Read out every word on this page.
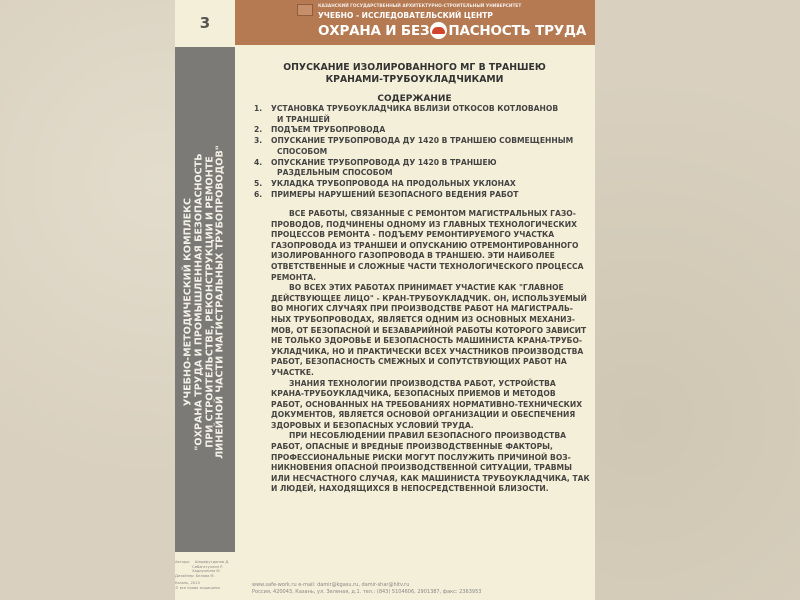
3
КАЗАНСКИЙ ГОСУДАРСТВЕННЫЙ АРХИТЕКТУРНО-СТРОИТЕЛЬНЫЙ УНИВЕРСИТЕТ
УЧЕБНО - ИССЛЕДОВАТЕЛЬСКИЙ ЦЕНТР
ОХРАНА И БЕЗ ПАСНОСТЬ ТРУДА
УЧЕБНО-МЕТОДИЧЕСКИЙ КОМПЛЕКС "ОХРАНА ТРУДА И ПРОМЫШЛЕННАЯ БЕЗОПАСНОСТЬ ПРИ СТРОИТЕЛЬСТВЕ, РЕКОНСТРУКЦИИ И РЕМОНТЕ ЛИНЕЙНОЙ ЧАСТИ МАГИСТРАЛЬНЫХ ТРУБОПРОВОДОВ"
Авторы:    Шарафутдинов Д.
Сибагатуллин Р.
Хадиуллина М.
Дизайнер: Белова М.
Казань, 2013
© все права защищены	www.safe-work.ru e-mail: damir@kgasu.ru, damir-shar@hitv.ru
Россия, 420043, Казань, ул. Зеленая, д.1. тел.: (843) 5104606, 2901387, факс: 2363953
ОПУСКАНИЕ ИЗОЛИРОВАННОГО МГ В ТРАНШЕЮ
КРАНАМИ-ТРУБОУКЛАДЧИКАМИ
СОДЕРЖАНИЕ
1.	УСТАНОВКА ТРУБОУКЛАДЧИКА ВБЛИЗИ ОТКОСОВ КОТЛОВАНОВ
И ТРАНШЕЙ
2.	ПОДЪЕМ ТРУБОПРОВОДА
3.	ОПУСКАНИЕ ТРУБОПРОВОДА ДУ 1420 В ТРАНШЕЮ СОВМЕЩЕННЫМ
СПОСОБОМ
4.	ОПУСКАНИЕ ТРУБОПРОВОДА ДУ 1420 В ТРАНШЕЮ
РАЗДЕЛЬНЫМ СПОСОБОМ
5.	УКЛАДКА ТРУБОПРОВОДА НА ПРОДОЛЬНЫХ УКЛОНАХ
6.	ПРИМЕРЫ НАРУШЕНИЙ БЕЗОПАСНОГО ВЕДЕНИЯ РАБОТ
ВСЕ РАБОТЫ, СВЯЗАННЫЕ С РЕМОНТОМ МАГИСТРАЛЬНЫХ ГАЗО-
ПРОВОДОВ, ПОДЧИНЕНЫ ОДНОМУ ИЗ ГЛАВНЫХ ТЕХНОЛОГИЧЕСКИХ
ПРОЦЕССОВ РЕМОНТА - ПОДЪЕМУ РЕМОНТИРУЕМОГО УЧАСТКА
ГАЗОПРОВОДА ИЗ ТРАНШЕИ И ОПУСКАНИЮ ОТРЕМОНТИРОВАННОГО
ИЗОЛИРОВАННОГО ГАЗОПРОВОДА В ТРАНШЕЮ. ЭТИ НАИБОЛЕЕ
ОТВЕТСТВЕННЫЕ И СЛОЖНЫЕ ЧАСТИ ТЕХНОЛОГИЧЕСКОГО ПРОЦЕССА
РЕМОНТА.
ВО ВСЕХ ЭТИХ РАБОТАХ ПРИНИМАЕТ УЧАСТИЕ КАК "ГЛАВНОЕ
ДЕЙСТВУЮЩЕЕ ЛИЦО" - КРАН-ТРУБОУКЛАДЧИК. ОН, ИСПОЛЬЗУЕМЫЙ
ВО МНОГИХ СЛУЧАЯХ ПРИ ПРОИЗВОДСТВЕ РАБОТ НА МАГИСТРАЛЬ-
НЫХ ТРУБОПРОВОДАХ, ЯВЛЯЕТСЯ ОДНИМ ИЗ ОСНОВНЫХ МЕХАНИЗ-
МОВ, ОТ БЕЗОПАСНОЙ И БЕЗАВАРИЙНОЙ РАБОТЫ КОТОРОГО ЗАВИСИТ
НЕ ТОЛЬКО ЗДОРОВЬЕ И БЕЗОПАСНОСТЬ МАШИНИСТА КРАНА-ТРУБО-
УКЛАДЧИКА, НО И ПРАКТИЧЕСКИ ВСЕХ УЧАСТНИКОВ ПРОИЗВОДСТВА
РАБОТ, БЕЗОПАСНОСТЬ СМЕЖНЫХ И СОПУТСТВУЮЩИХ РАБОТ НА
УЧАСТКЕ.
ЗНАНИЯ ТЕХНОЛОГИИ ПРОИЗВОДСТВА РАБОТ, УСТРОЙСТВА
КРАНА-ТРУБОУКЛАДЧИКА, БЕЗОПАСНЫХ ПРИЕМОВ И МЕТОДОВ
РАБОТ, ОСНОВАННЫХ НА ТРЕБОВАНИЯХ НОРМАТИВНО-ТЕХНИЧЕСКИХ
ДОКУМЕНТОВ, ЯВЛЯЕТСЯ ОСНОВОЙ ОРГАНИЗАЦИИ И ОБЕСПЕЧЕНИЯ
ЗДОРОВЫХ И БЕЗОПАСНЫХ УСЛОВИЙ ТРУДА.
ПРИ НЕСОБЛЮДЕНИИ ПРАВИЛ БЕЗОПАСНОГО ПРОИЗВОДСТВА
РАБОТ, ОПАСНЫЕ И ВРЕДНЫЕ ПРОИЗВОДСТВЕННЫЕ ФАКТОРЫ,
ПРОФЕССИОНАЛЬНЫЕ РИСКИ МОГУТ ПОСЛУЖИТЬ ПРИЧИНОЙ ВОЗ-
НИКНОВЕНИЯ ОПАСНОЙ ПРОИЗВОДСТВЕННОЙ СИТУАЦИИ, ТРАВМЫ
ИЛИ НЕСЧАСТНОГО СЛУЧАЯ, КАК МАШИНИСТА ТРУБОУКЛАДЧИКА, ТАК
И ЛЮДЕЙ, НАХОДЯЩИХСЯ В НЕПОСРЕДСТВЕННОЙ БЛИЗОСТИ.
